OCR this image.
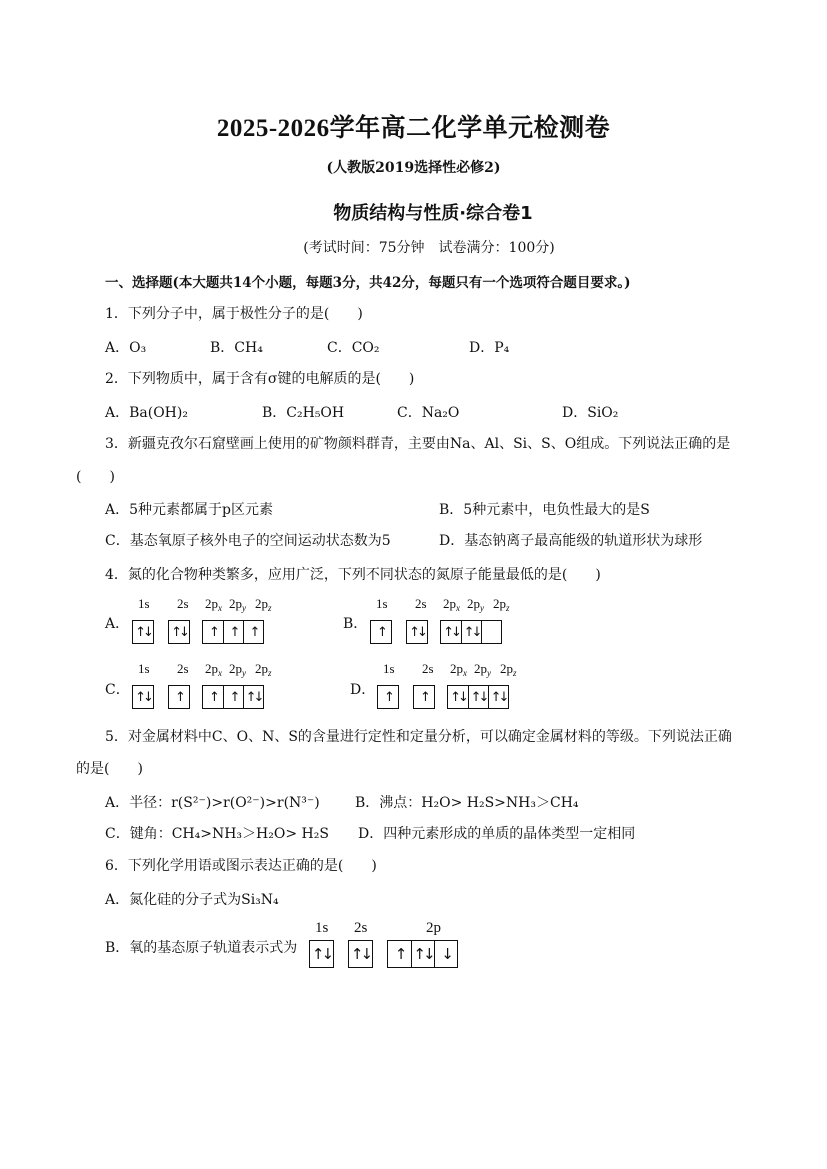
2025-2026学年高二化学单元检测卷
(人教版2019选择性必修2)
物质结构与性质·综合卷1
(考试时间：75分钟　试卷满分：100分)
一、选择题(本大题共14个小题，每题3分，共42分，每题只有一个选项符合题目要求。)
1．下列分子中，属于极性分子的是(　　)
A．O₃	B．CH₄	C．CO₂	D．P₄
2．下列物质中，属于含有σ键的电解质的是(　　)
A．Ba(OH)₂	B．C₂H₅OH	C．Na₂O	D．SiO₂
3．新疆克孜尔石窟壁画上使用的矿物颜料群青，主要由Na、Al、Si、S、O组成。下列说法正确的是
(　　)
A．5种元素都属于p区元素	B．5种元素中，电负性最大的是S
C．基态氧原子核外电子的空间运动状态数为5	D．基态钠离子最高能级的轨道形状为球形
4．氮的化合物种类繁多，应用广泛，下列不同状态的氮原子能量最低的是(　　)
A．
1s 2s $2p_x$ $2p_y$ $2p_z$
↑↓ ↑↓ ↑ ↑ ↑	B．
1s 2s $2p_x$ $2p_y$ $2p_z$
↑ ↑↓ ↑↓ ↑↓
C．
1s 2s $2p_x$ $2p_y$ $2p_z$
↑↓ ↑ ↑ ↑ ↑↓	D．
1s 2s $2p_x$ $2p_y$ $2p_z$
↑ ↑ ↑↓ ↑↓ ↑↓
5．对金属材料中C、O、N、S的含量进行定性和定量分析，可以确定金属材料的等级。下列说法正确
的是(　　)
A．半径：r(S²⁻)>r(O²⁻)>r(N³⁻)	B．沸点：H₂O> H₂S>NH₃＞CH₄
C．键角：CH₄>NH₃＞H₂O> H₂S D．四种元素形成的单质的晶体类型一定相同
6．下列化学用语或图示表达正确的是(　　)
A．氮化硅的分子式为Si₃N₄
B．氧的基态原子轨道表示式为
1s 2s	2p
↑↓ ↑↓ ↑ ↑↓ ↓
